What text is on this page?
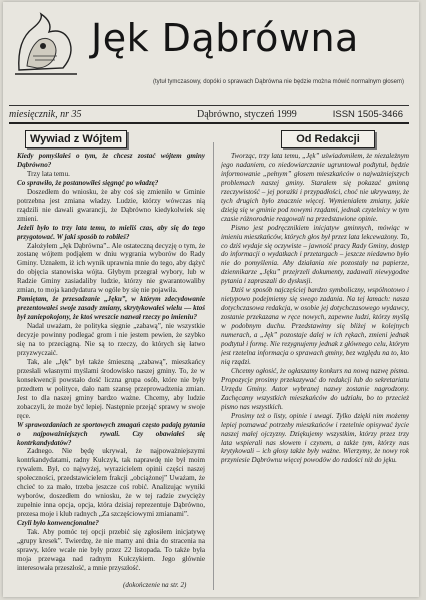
Jęk Dąbrówna
(tytuł tymczasowy, dopóki o sprawach Dąbrówna nie będzie można mówić normalnym głosem)
miesięcznik, nr 35	Dąbrówno, styczeń 1999	ISSN 1505-3466
Wywiad z Wójtem	Od Redakcji

Kiedy pomyślałeś o tym, że chcesz zostać wójtem gminy Dąbrówno?

Trzy lata temu.

Co sprawiło, że postanowiłeś sięgnąć po władzę?

Doszedłem do wniosku, że aby coś się zmieniło w Gminie potrzebna jest zmiana władzy. Ludzie, którzy wówczas nią rządzili nie dawali gwarancji, że Dąbrówno kiedykolwiek się zmieni.

Jeżeli było to trzy lata temu, to mieliś czas, aby się do tego przygotować. W jaki sposób to robiłeś?

Założyłem „Jęk Dąbrówna”.. Ale ostateczną decyzję o tym, że zostanę wójtem podjąłem w dniu wygrania wyborów do Rady Gminy. Uznałem, iż ich wynik uprawnia mnie do tego, aby dążyć do objęcia stanowiska wójta. Głybym przegrał wybory, lub w Radzie Gminy zasiadaliby ludzie, którzy nie gwarantowaliby zmian, to moja kandydatura w ogóle by się nie pojawiła.

Pamiętam, że przesadzanie „Jęku”, w którym zdecydowanie prezentowałeś swoje zasady zmiany, skrytykowałeś wielu — ktoś był zaniepokojony, że ktoś wreszcie nazwał rzeczy po imieniu?

Nadal uważam, że polityka sięgnie „zabawą”, nie wszystkie decyzje powinny podlegać grom i nie jestem pewien, że szybko się na to przeciągną. Nie są to rzeczy, do których się łatwo przyzwyczaić.

Tak, ale „Jęk” był także śmieszną „zabawą”, mieszkańcy przesłali własnymi myślami środowisko naszej gminy. To, że w konsekwencji powstało dość liczna grupa osób, które nie były przedtem w polityce, dało nam szansę przeprowadzenia zmian. Jest to dla naszej gminy bardzo ważne. Chcemy, aby ludzie zobaczyli, że może być lepiej. Następnie przejąć sprawy w swoje ręce.

W sprawozdaniach ze sportowych zmagań często padają pytania o najpoważniejszych rywali. Czy obawiałeś się kontrkandydatów?

Zadnego. Nie będę ukrywał, że najpoważniejszymi kontrkandydatami, radny Kułczyk, tak naprawdę nie był moim rywalem. Był, co najwyżej, wyrazicielem opinii części naszej społeczności, przedstawicielem frakcji „obciążonej” Uważam, że chcieć to za mało, trzeba jeszcze coś robić. Analizując wyniki wyborów, doszedłem do wniosku, że w tej radzie zwycięży zupełnie inna opcja, opcja, która dzisiaj reprezentuje Dąbrówno, prezesa moje i klub radnych „Za szczęściowymi zmianami”.

Czyli było konwencjonalne?

Tak. Aby pomóc tej opcji przebić się zgłosiłem inicjatywę „grupy kresek”. Twierdzę, że nie mamy ani dnia do stracenia na sprawy, które wcale nie były przez 22 listopada. To także była moja przewaga nad radnym Kułczykiem. Jego głównie interesowała przeszłość, a mnie przyszłość.

Tworząc, trzy lata temu, „Jęk” uświadomiłem, że niezależnym jego nadaniem, co niedowiarczanie ugruntował podtytuł, będzie informowanie „pełnym” głosem mieszkańców o najważniejszych problemach naszej gminy. Starałem się pokazać gminną rzeczywistość – jej porażki i przypadłości, choć nie ukrywamy, że tych drugich było znacznie więcej. Wymieniałem zmiany, jakie dzieją się w gminie pod nowymi rządami, jednak czytelnicy w tym czasie różnorodnie reagowali na przedstawione opinie.

Pismo jest podręcznikiem inicjatyw gminnych, mówiąc w imieniu mieszkańców, których głos był przez lata lekceważony. To, co dziś wydaje się oczywiste – jawność pracy Rady Gminy, dostęp do informacji o wydatkach i przetargach – jeszcze niedawno było nie do pomyślenia. Aby działania nie pozostały na papierze, dziennikarze „Jęku” przejrzeli dokumenty, zadawali niewygodne pytania i zapraszali do dyskusji.

Dziś w sposób najczęściej bardzo symboliczny, wspólnotowo i nietypowo podejmiemy się swego zadania. Na tej łamach: nasza dotychczasowa redakcja, w osobie jej dotychczasowego wydawcy, zostanie przekazana w ręce nowych, zapewne ludzi, którzy myślą w podobnym duchu. Przedstawimy się bliżej w kolejnych numerach, a „Jęk” pozostaje dalej w ich rękach, zmieni jednak podtytuł i formę. Nie rezygnujemy jednak z głównego celu, którym jest rzetelna informacja o sprawach gminy, bez względu na to, kto nią rządzi.

Chcemy ogłosić, że ogłaszamy konkurs na nową nazwę pisma. Propozycje prosimy przekazywać do redakcji lub do sekretariatu Urzędu Gminy. Autor wybranej nazwy zostanie nagrodzony. Zachęcamy wszystkich mieszkańców do udziału, bo to przecież pismo nas wszystkich.

Prosimy też o listy, opinie i uwagi. Tylko dzięki nim możemy lepiej poznawać potrzeby mieszkańców i rzetelnie opisywać życie naszej małej ojczyzny. Dziękujemy wszystkim, którzy przez trzy lata wspierali nas słowem i czynem, a także tym, którzy nas krytykowali – ich głosy także były ważne. Wierzymy, że nowy rok przyniesie Dąbrównu więcej powodów do radości niż do jęku.

(dokończenie na str. 2)
